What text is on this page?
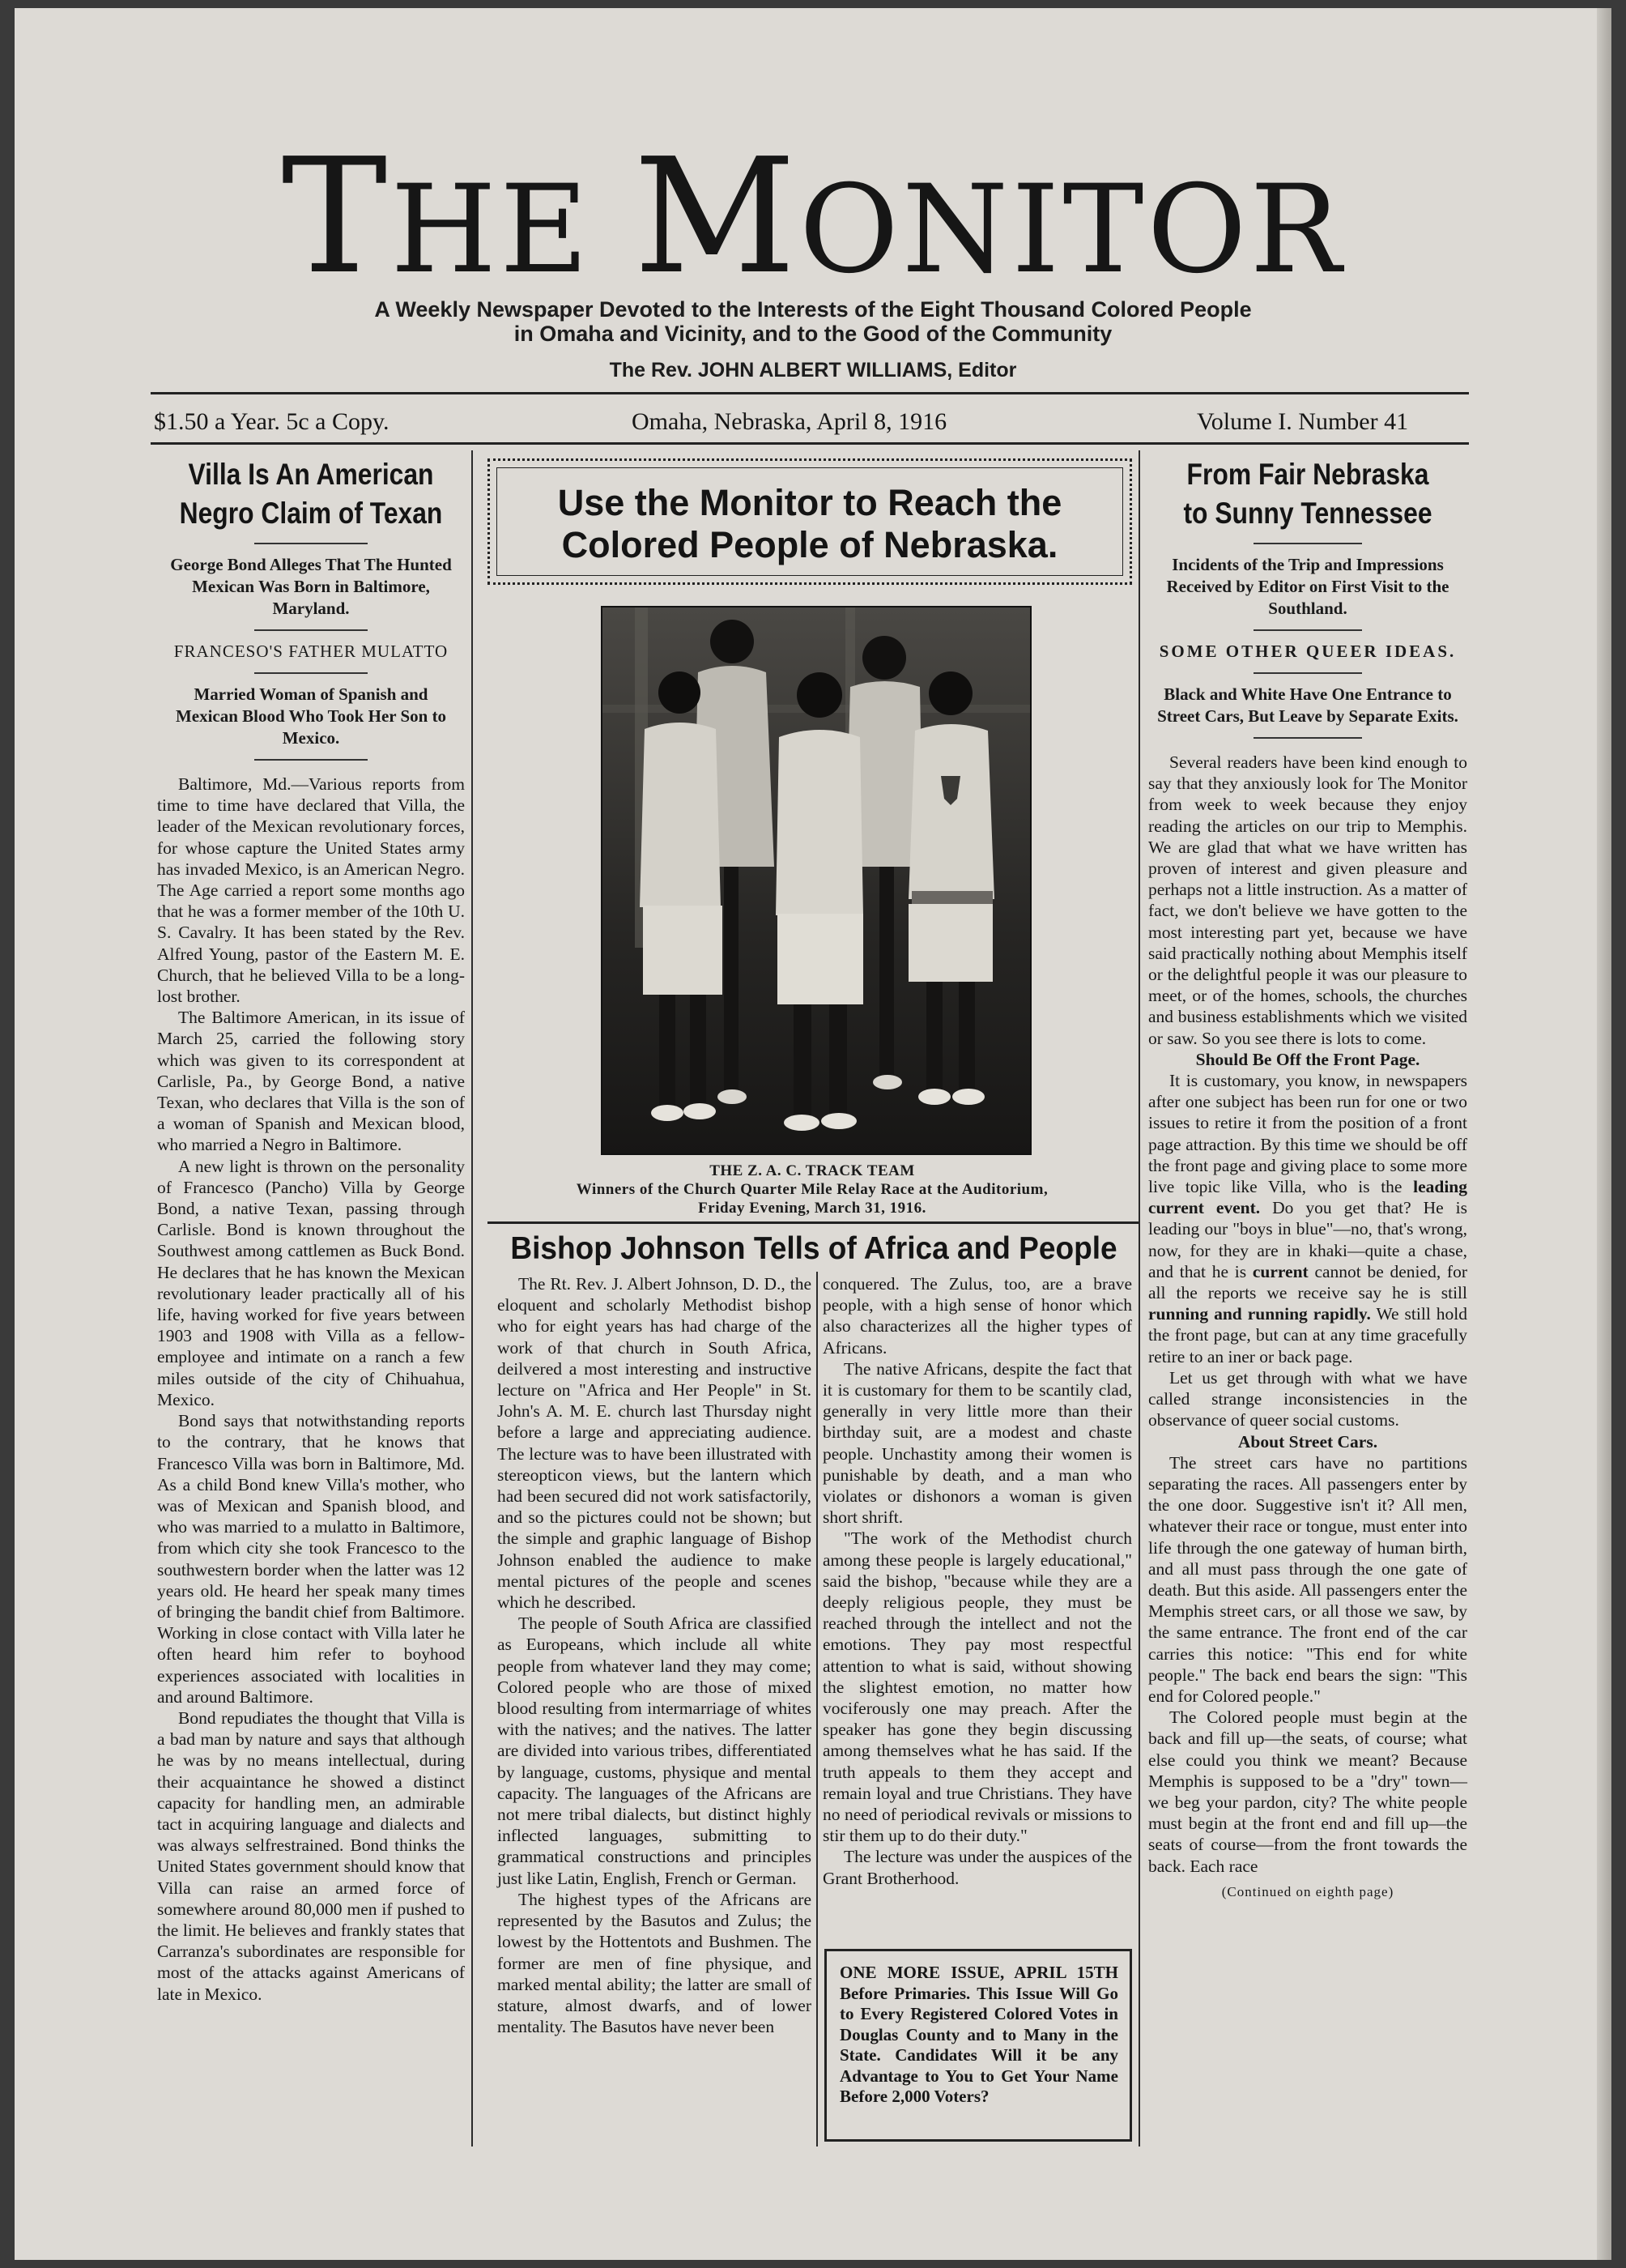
THE MONITOR
A Weekly Newspaper Devoted to the Interests of the Eight Thousand Colored People
in Omaha and Vicinity, and to the Good of the Community
The Rev. JOHN ALBERT WILLIAMS, Editor
$1.50 a Year. 5c a Copy.	Omaha, Nebraska, April 8, 1916	Volume I. Number 41
Villa Is An American
Negro Claim of Texan
George Bond Alleges That The Hunted Mexican Was Born in Baltimore, Maryland.
FRANCESO'S FATHER MULATTO
Married Woman of Spanish and Mexican Blood Who Took Her Son to Mexico.

Baltimore, Md.—Various reports from time to time have declared that Villa, the leader of the Mexican revolutionary forces, for whose capture the United States army has invaded Mexico, is an American Negro. The Age carried a report some months ago that he was a former member of the 10th U. S. Cavalry. It has been stated by the Rev. Alfred Young, pastor of the Eastern M. E. Church, that he believed Villa to be a long-lost brother.

The Baltimore American, in its issue of March 25, carried the following story which was given to its correspondent at Carlisle, Pa., by George Bond, a native Texan, who declares that Villa is the son of a woman of Spanish and Mexican blood, who married a Negro in Baltimore.

A new light is thrown on the personality of Francesco (Pancho) Villa by George Bond, a native Texan, passing through Carlisle. Bond is known throughout the Southwest among cattlemen as Buck Bond. He declares that he has known the Mexican revolutionary leader practically all of his life, having worked for five years between 1903 and 1908 with Villa as a fellow-employee and intimate on a ranch a few miles outside of the city of Chihuahua, Mexico.

Bond says that notwithstanding reports to the contrary, that he knows that Francesco Villa was born in Baltimore, Md. As a child Bond knew Villa's mother, who was of Mexican and Spanish blood, and who was married to a mulatto in Baltimore, from which city she took Francesco to the southwestern border when the latter was 12 years old. He heard her speak many times of bringing the bandit chief from Baltimore. Working in close contact with Villa later he often heard him refer to boyhood experiences associated with localities in and around Baltimore.

Bond repudiates the thought that Villa is a bad man by nature and says that although he was by no means intellectual, during their acquaintance he showed a distinct capacity for handling men, an admirable tact in acquiring language and dialects and was always selfrestrained. Bond thinks the United States government should know that Villa can raise an armed force of somewhere around 80,000 men if pushed to the limit. He believes and frankly states that Carranza's subordinates are responsible for most of the attacks against Americans of late in Mexico.

Use the Monitor to Reach the
Colored People of Nebraska.
THE Z. A. C. TRACK TEAM
Winners of the Church Quarter Mile Relay Race at the Auditorium,
Friday Evening, March 31, 1916.
Bishop Johnson Tells of Africa and People

The Rt. Rev. J. Albert Johnson, D. D., the eloquent and scholarly Methodist bishop who for eight years has had charge of the work of that church in South Africa, deilvered a most interesting and instructive lecture on "Africa and Her People" in St. John's A. M. E. church last Thursday night before a large and appreciating audience. The lecture was to have been illustrated with stereopticon views, but the lantern which had been secured did not work satisfactorily, and so the pictures could not be shown; but the simple and graphic language of Bishop Johnson enabled the audience to make mental pictures of the people and scenes which he described.

The people of South Africa are classified as Europeans, which include all white people from whatever land they may come; Colored people who are those of mixed blood resulting from intermarriage of whites with the natives; and the natives. The latter are divided into various tribes, differentiated by language, customs, physique and mental capacity. The languages of the Africans are not mere tribal dialects, but distinct highly inflected languages, submitting to grammatical constructions and principles just like Latin, English, French or German.

The highest types of the Africans are represented by the Basutos and Zulus; the lowest by the Hottentots and Bushmen. The former are men of fine physique, and marked mental ability; the latter are small of stature, almost dwarfs, and of lower mentality. The Basutos have never been

conquered. The Zulus, too, are a brave people, with a high sense of honor which also characterizes all the higher types of Africans.

The native Africans, despite the fact that it is customary for them to be scantily clad, generally in very little more than their birthday suit, are a modest and chaste people. Unchastity among their women is punishable by death, and a man who violates or dishonors a woman is given short shrift.

"The work of the Methodist church among these people is largely educational," said the bishop, "because while they are a deeply religious people, they must be reached through the intellect and not the emotions. They pay most respectful attention to what is said, without showing the slightest emotion, no matter how vociferously one may preach. After the speaker has gone they begin discussing among themselves what he has said. If the truth appeals to them they accept and remain loyal and true Christians. They have no need of periodical revivals or missions to stir them up to do their duty."

The lecture was under the auspices of the Grant Brotherhood.

ONE MORE ISSUE, APRIL 15TH Before Primaries. This Issue Will Go to Every Registered Colored Votes in Douglas County and to Many in the State. Candidates Will it be any Advantage to You to Get Your Name Before 2,000 Voters?
From Fair Nebraska
to Sunny Tennessee
Incidents of the Trip and Impressions Received by Editor on First Visit to the Southland.
SOME OTHER QUEER IDEAS.
Black and White Have One Entrance to Street Cars, But Leave by Separate Exits.

Several readers have been kind enough to say that they anxiously look for The Monitor from week to week because they enjoy reading the articles on our trip to Memphis. We are glad that what we have written has proven of interest and given pleasure and perhaps not a little instruction. As a matter of fact, we don't believe we have gotten to the most interesting part yet, because we have said practically nothing about Memphis itself or the delightful people it was our pleasure to meet, or of the homes, schools, the churches and business establishments which we visited or saw. So you see there is lots to come.

Should Be Off the Front Page.

It is customary, you know, in newspapers after one subject has been run for one or two issues to retire it from the position of a front page attraction. By this time we should be off the front page and giving place to some more live topic like Villa, who is the leading current event. Do you get that? He is leading our "boys in blue"—no, that's wrong, now, for they are in khaki—quite a chase, and that he is current cannot be denied, for all the reports we receive say he is still running and running rapidly. We still hold the front page, but can at any time gracefully retire to an iner or back page.

Let us get through with what we have called strange inconsistencies in the observance of queer social customs.

About Street Cars.

The street cars have no partitions separating the races. All passengers enter by the one door. Suggestive isn't it? All men, whatever their race or tongue, must enter into life through the one gateway of human birth, and all must pass through the one gate of death. But this aside. All passengers enter the Memphis street cars, or all those we saw, by the same entrance. The front end of the car carries this notice: "This end for white people." The back end bears the sign: "This end for Colored people."

The Colored people must begin at the back and fill up—the seats, of course; what else could you think we meant? Because Memphis is supposed to be a "dry" town—we beg your pardon, city? The white people must begin at the front end and fill up—the seats of course—from the front towards the back. Each race

(Continued on eighth page)
